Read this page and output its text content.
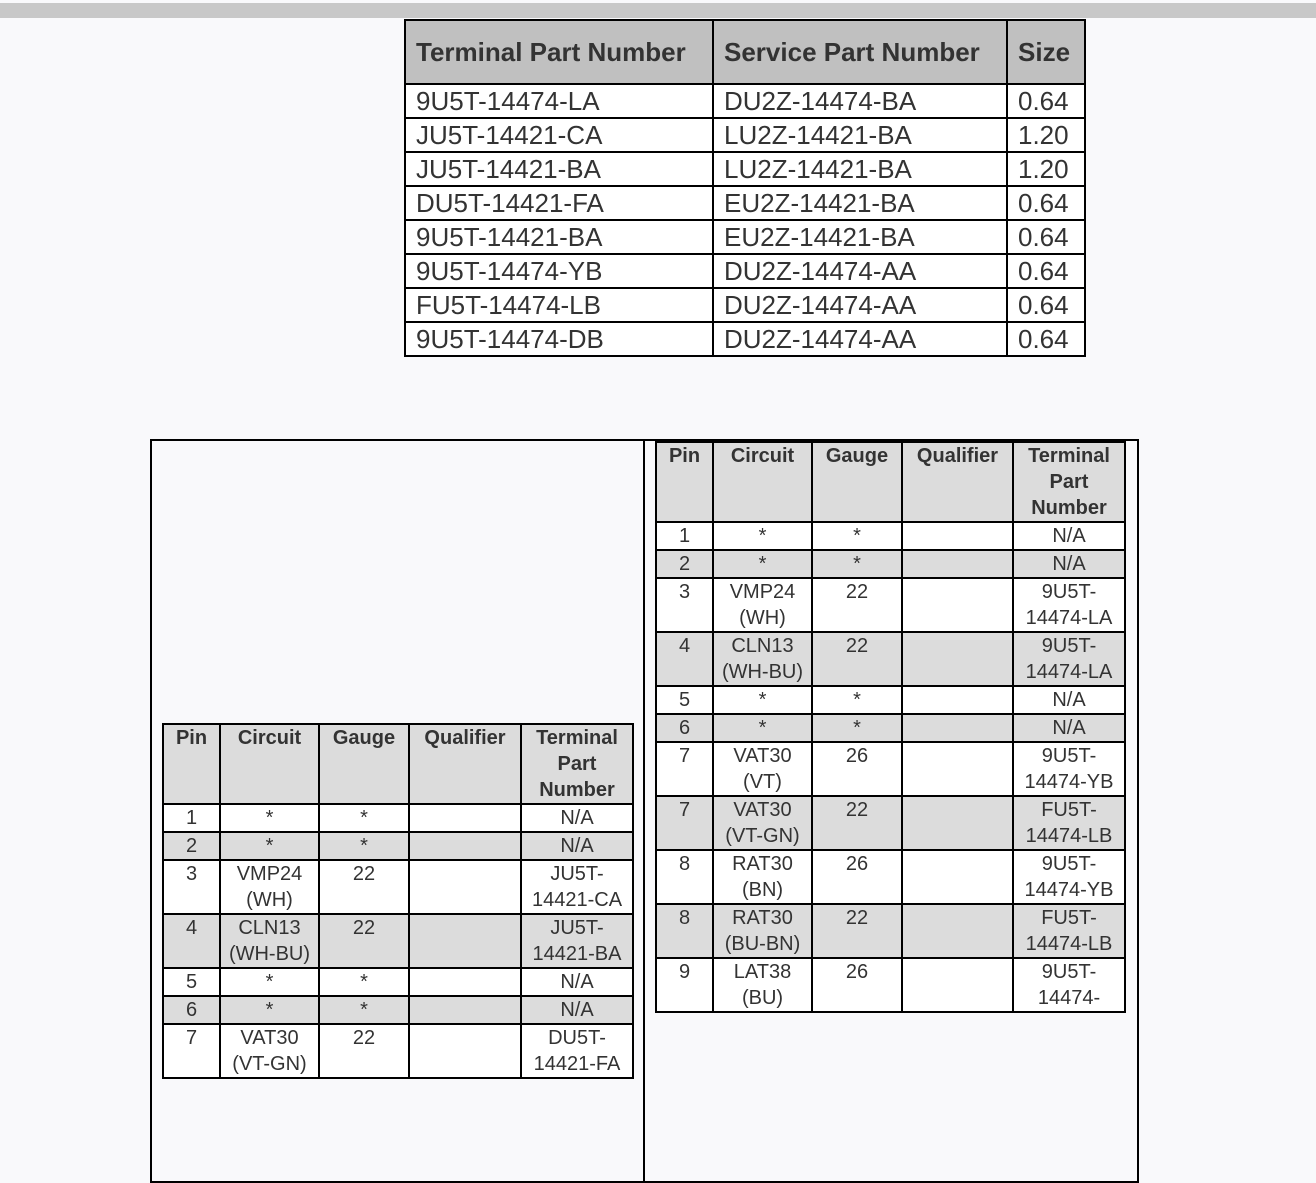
Terminal Part Number	Service Part Number	Size
9U5T-14474-LA	DU2Z-14474-BA	0.64
JU5T-14421-CA	LU2Z-14421-BA	1.20
JU5T-14421-BA	LU2Z-14421-BA	1.20
DU5T-14421-FA	EU2Z-14421-BA	0.64
9U5T-14421-BA	EU2Z-14421-BA	0.64
9U5T-14474-YB	DU2Z-14474-AA	0.64
FU5T-14474-LB	DU2Z-14474-AA	0.64
9U5T-14474-DB	DU2Z-14474-AA	0.64
Pin	Circuit	Gauge	Qualifier	Terminal Part Number
1	*	*		N/A
2	*	*		N/A
3	VMP24 (WH)	22		JU5T-14421-CA
4	CLN13 (WH-BU)	22		JU5T-14421-BA
5	*	*		N/A
6	*	*		N/A
7	VAT30 (VT-GN)	22		DU5T-14421-FA
Pin	Circuit	Gauge	Qualifier	Terminal Part Number
1	*	*		N/A
2	*	*		N/A
3	VMP24 (WH)	22		9U5T-14474-LA
4	CLN13 (WH-BU)	22		9U5T-14474-LA
5	*	*		N/A
6	*	*		N/A
7	VAT30 (VT)	26		9U5T-14474-YB
7	VAT30 (VT-GN)	22		FU5T-14474-LB
8	RAT30 (BN)	26		9U5T-14474-YB
8	RAT30 (BU-BN)	22		FU5T-14474-LB
9	LAT38 (BU)	26		9U5T-14474-
